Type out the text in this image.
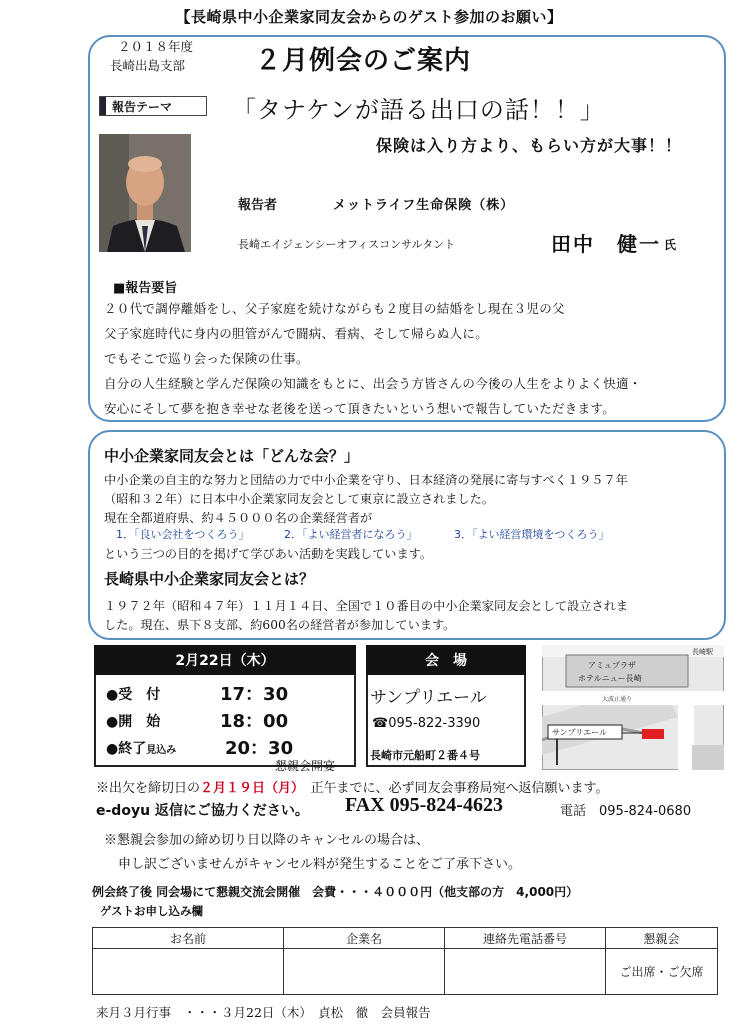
【長崎県中小企業家同友会からのゲスト参加のお願い】
２０１８年度
長崎出島支部	２月例会のご案内
報告テーマ 「タナケンが語る出口の話！！」
保険は入り方より、もらい方が大事！！
報告者	メットライフ生命保険（株）
長崎エイジェンシーオフィスコンサルタント	田中　健一 氏
■報告要旨
２０代で調停離婚をし、父子家庭を続けながらも２度目の結婚をし現在３児の父
父子家庭時代に身内の胆管がんで闘病、看病、そして帰らぬ人に。
でもそこで巡り会った保険の仕事。
自分の人生経験と学んだ保険の知識をもとに、出会う方皆さんの今後の人生をよりよく快適・
安心にそして夢を抱き幸せな老後を送って頂きたいという想いで報告していただきます。
中小企業家同友会とは「どんな会？」
中小企業の自主的な努力と団結の力で中小企業を守り、日本経済の発展に寄与すべく１９５７年
（昭和３２年）に日本中小企業家同友会として東京に設立されました。
現在全都道府県、約４５０００名の企業経営者が
1．「良い会社をつくろう」	2．「よい経営者になろう」	3．「よい経営環境をつくろう」
という三つの目的を掲げて学びあい活動を実践しています。
長崎県中小企業家同友会とは？
１９７２年（昭和４７年）１１月１４日、全国で１０番目の中小企業家同友会として設立されま
した。現在、県下８支部、約600名の経営者が参加しています。
2月22日（木）
●受　付	17：30
●開　始	18：00
●終了見込み	20：30
懇親会開宴
会　場
サンプリエール
☎095-822-3390
長崎市元船町２番４号
長崎駅
アミュプラザ
ホテルニュー長崎
大波止通り
サンプリエール
※出欠を締切日の２月１９日（月）　 正午までに、必ず同友会事務局宛へ返信願います。
e-doyu 返信にご協力ください。 FAX 095-824-4623	電話　095-824-0680
※懇親会参加の締め切り日以降のキャンセルの場合は、
申し訳ございませんがキャンセル料が発生することをご了承下さい。
例会終了後 同会場にて懇親交流会開催　会費・・・４０００円（他支部の方　4,000円）
ゲストお申し込み欄
お名前	企業名	連絡先電話番号	懇親会
			ご出席・ご欠席
来月３月行事　・・・３月22日（木）　貞松　徹　会員報告
